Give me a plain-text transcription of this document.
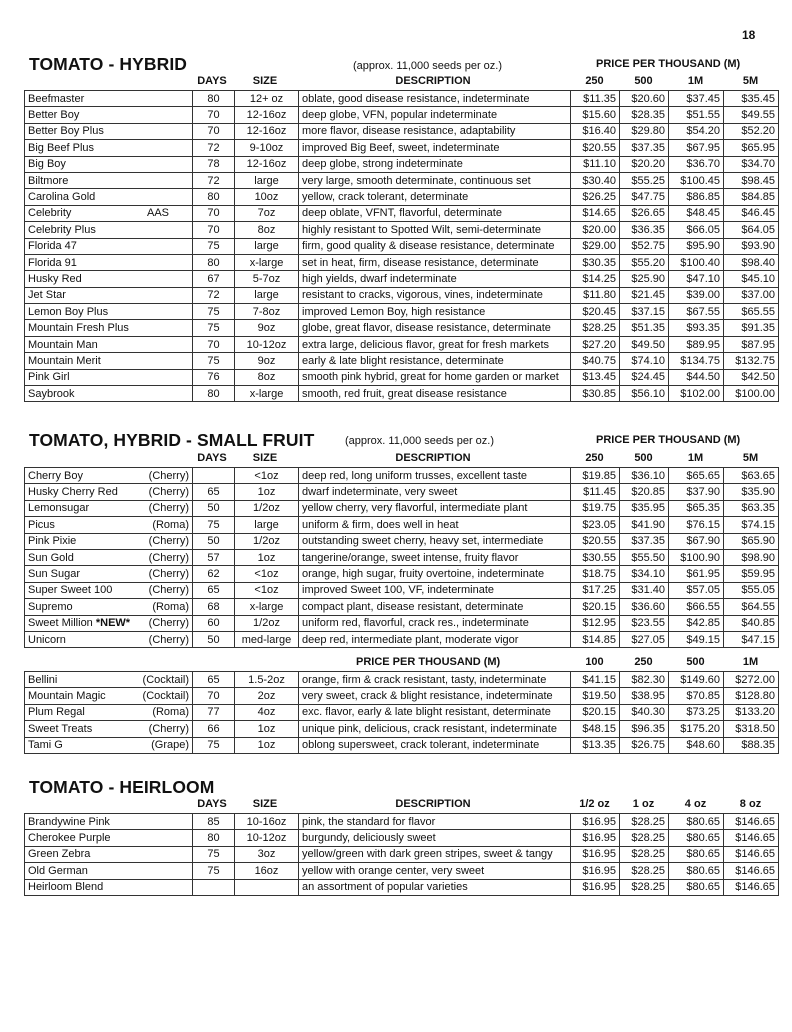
18
TOMATO - HYBRID	(approx. 11,000 seeds per oz.)	PRICE PER THOUSAND (M)
DAYS	SIZE	DESCRIPTION	250	500	1M	5M
Beefmaster	80	12+ oz	oblate, good disease resistance, indeterminate	$11.35	$20.60	$37.45	$35.45

Better Boy	70	12-16oz	deep globe, VFN, popular indeterminate	$15.60	$28.35	$51.55	$49.55

Better Boy Plus	70	12-16oz	more flavor, disease resistance, adaptability	$16.40	$29.80	$54.20	$52.20

Big Beef Plus	72	9-10oz	improved Big Beef, sweet, indeterminate	$20.55	$37.35	$67.95	$65.95

Big Boy	78	12-16oz	deep globe, strong indeterminate	$11.10	$20.20	$36.70	$34.70

Biltmore	72	large	very large, smooth determinate, continuous set	$30.40	$55.25	$100.45	$98.45

Carolina Gold	80	10oz	yellow, crack tolerant, determinate	$26.25	$47.75	$86.85	$84.85

Celebrity AAS	70	7oz	deep oblate, VFNT, flavorful, determinate	$14.65	$26.65	$48.45	$46.45

Celebrity Plus	70	8oz	highly resistant to Spotted Wilt, semi-determinate	$20.00	$36.35	$66.05	$64.05

Florida 47	75	large	firm, good quality & disease resistance, determinate	$29.00	$52.75	$95.90	$93.90

Florida 91	80	x-large	set in heat, firm, disease resistance, determinate	$30.35	$55.20	$100.40	$98.40

Husky Red	67	5-7oz	high yields, dwarf indeterminate	$14.25	$25.90	$47.10	$45.10

Jet Star	72	large	resistant to cracks, vigorous, vines, indeterminate	$11.80	$21.45	$39.00	$37.00

Lemon Boy Plus	75	7-8oz	improved Lemon Boy, high resistance	$20.45	$37.15	$67.55	$65.55

Mountain Fresh Plus	75	9oz	globe, great flavor, disease resistance, determinate	$28.25	$51.35	$93.35	$91.35

Mountain Man	70	10-12oz	extra large, delicious flavor, great for fresh markets	$27.20	$49.50	$89.95	$87.95

Mountain Merit	75	9oz	early & late blight resistance, determinate	$40.75	$74.10	$134.75	$132.75

Pink Girl	76	8oz	smooth pink hybrid, great for home garden or market	$13.45	$24.45	$44.50	$42.50

Saybrook	80	x-large	smooth, red fruit, great disease resistance	$30.85	$56.10	$102.00	$100.00
TOMATO, HYBRID - SMALL FRUIT	(approx. 11,000 seeds per oz.)	PRICE PER THOUSAND (M)
DAYS	SIZE	DESCRIPTION	250	500	1M	5M
Cherry Boy (Cherry)		<1oz	deep red, long uniform trusses, excellent taste	$19.85	$36.10	$65.65	$63.65

Husky Cherry Red (Cherry)	65	1oz	dwarf indeterminate, very sweet	$11.45	$20.85	$37.90	$35.90

Lemonsugar (Cherry)	50	1/2oz	yellow cherry, very flavorful, intermediate plant	$19.75	$35.95	$65.35	$63.35

Picus (Roma)	75	large	uniform & firm, does well in heat	$23.05	$41.90	$76.15	$74.15

Pink Pixie (Cherry)	50	1/2oz	outstanding sweet cherry, heavy set, intermediate	$20.55	$37.35	$67.90	$65.90

Sun Gold (Cherry)	57	1oz	tangerine/orange, sweet intense, fruity flavor	$30.55	$55.50	$100.90	$98.90

Sun Sugar (Cherry)	62	<1oz	orange, high sugar, fruity overtoine, indeterminate	$18.75	$34.10	$61.95	$59.95

Super Sweet 100 (Cherry)	65	<1oz	improved Sweet 100, VF, indeterminate	$17.25	$31.40	$57.05	$55.05

Supremo (Roma)	68	x-large	compact plant, disease resistant, determinate	$20.15	$36.60	$66.55	$64.55

Sweet Million *NEW* (Cherry)	60	1/2oz	uniform red, flavorful, crack res., indeterminate	$12.95	$23.55	$42.85	$40.85

Unicorn (Cherry)	50	med-large	deep red, intermediate plant, moderate vigor	$14.85	$27.05	$49.15	$47.15
PRICE PER THOUSAND (M)	100	250	500	1M
Bellini (Cocktail)	65	1.5-2oz	orange, firm & crack resistant, tasty, indeterminate	$41.15	$82.30	$149.60	$272.00

Mountain Magic (Cocktail)	70	2oz	very sweet, crack & blight resistance, indeterminate	$19.50	$38.95	$70.85	$128.80

Plum Regal (Roma)	77	4oz	exc. flavor, early & late blight resistant, determinate	$20.15	$40.30	$73.25	$133.20

Sweet Treats (Cherry)	66	1oz	unique pink, delicious, crack resistant, indeterminate	$48.15	$96.35	$175.20	$318.50

Tami G (Grape)	75	1oz	oblong supersweet, crack tolerant, indeterminate	$13.35	$26.75	$48.60	$88.35
TOMATO - HEIRLOOM
DAYS	SIZE	DESCRIPTION	1/2 oz	1 oz	4 oz	8 oz
Brandywine Pink	85	10-16oz	pink, the standard for flavor	$16.95	$28.25	$80.65	$146.65

Cherokee Purple	80	10-12oz	burgundy, deliciously sweet	$16.95	$28.25	$80.65	$146.65

Green Zebra	75	3oz	yellow/green with dark green stripes, sweet & tangy	$16.95	$28.25	$80.65	$146.65

Old German	75	16oz	yellow with orange center, very sweet	$16.95	$28.25	$80.65	$146.65

Heirloom Blend			an assortment of popular varieties	$16.95	$28.25	$80.65	$146.65
